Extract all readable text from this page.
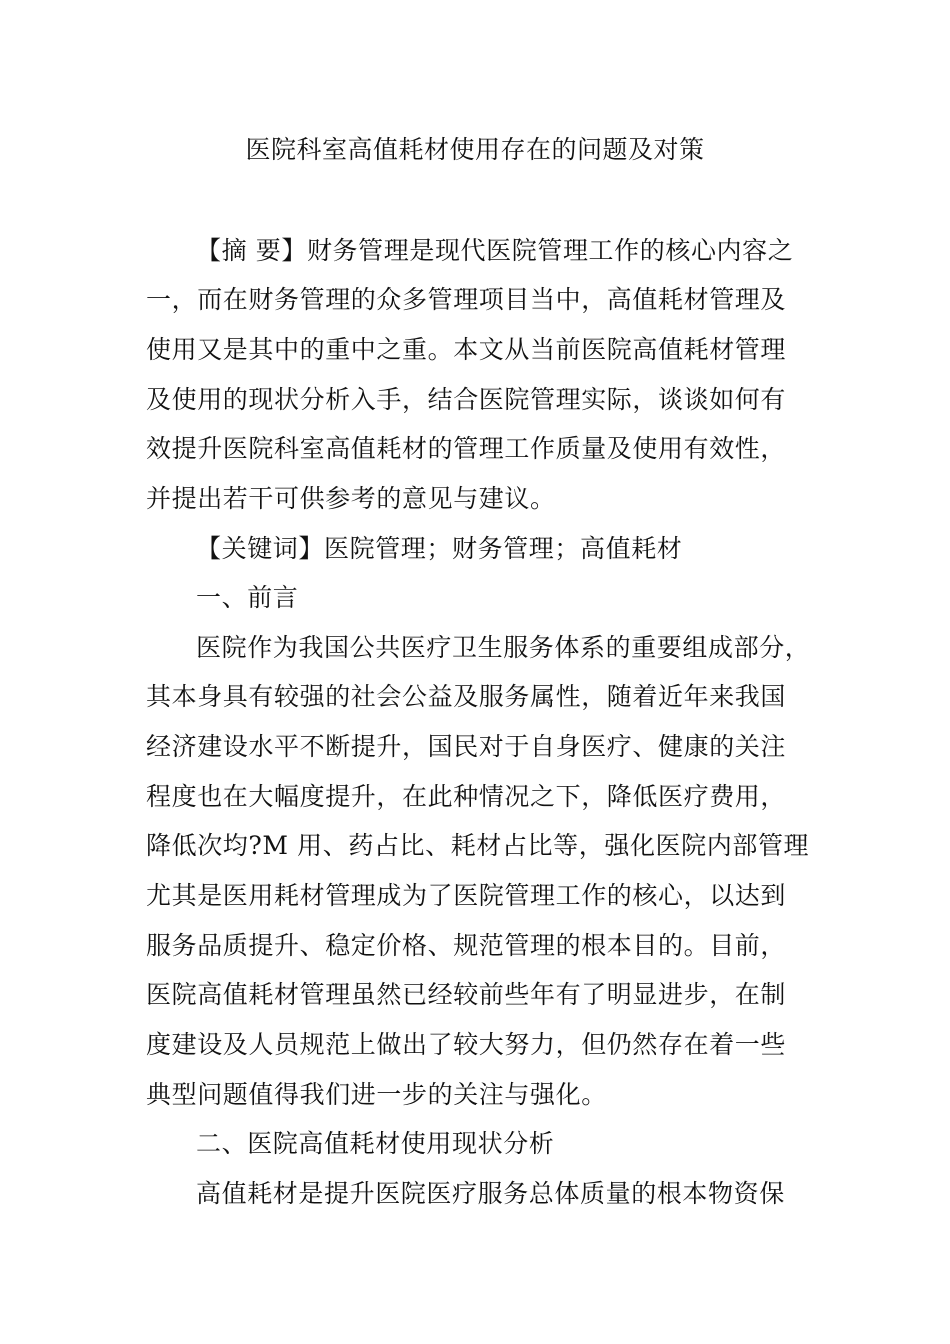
医院科室高值耗材使用存在的问题及对策

【摘 要】财务管理是现代医院管理工作的核心内容之

一，而在财务管理的众多管理项目当中，高值耗材管理及

使用又是其中的重中之重。本文从当前医院高值耗材管理

及使用的现状分析入手，结合医院管理实际，谈谈如何有

效提升医院科室高值耗材的管理工作质量及使用有效性，

并提出若干可供参考的意见与建议。

【关键词】医院管理；财务管理；高值耗材

一、前言

医院作为我国公共医疗卫生服务体系的重要组成部分，

其本身具有较强的社会公益及服务属性，随着近年来我国

经济建设水平不断提升，国民对于自身医疗、健康的关注

程度也在大幅度提升，在此种情况之下，降低医疗费用，

降低次均?M 用、药占比、耗材占比等，强化医院内部管理

尤其是医用耗材管理成为了医院管理工作的核心，以达到

服务品质提升、稳定价格、规范管理的根本目的。目前，

医院高值耗材管理虽然已经较前些年有了明显进步，在制

度建设及人员规范上做出了较大努力，但仍然存在着一些

典型问题值得我们进一步的关注与强化。

二、医院高值耗材使用现状分析

高值耗材是提升医院医疗服务总体质量的根本物资保
